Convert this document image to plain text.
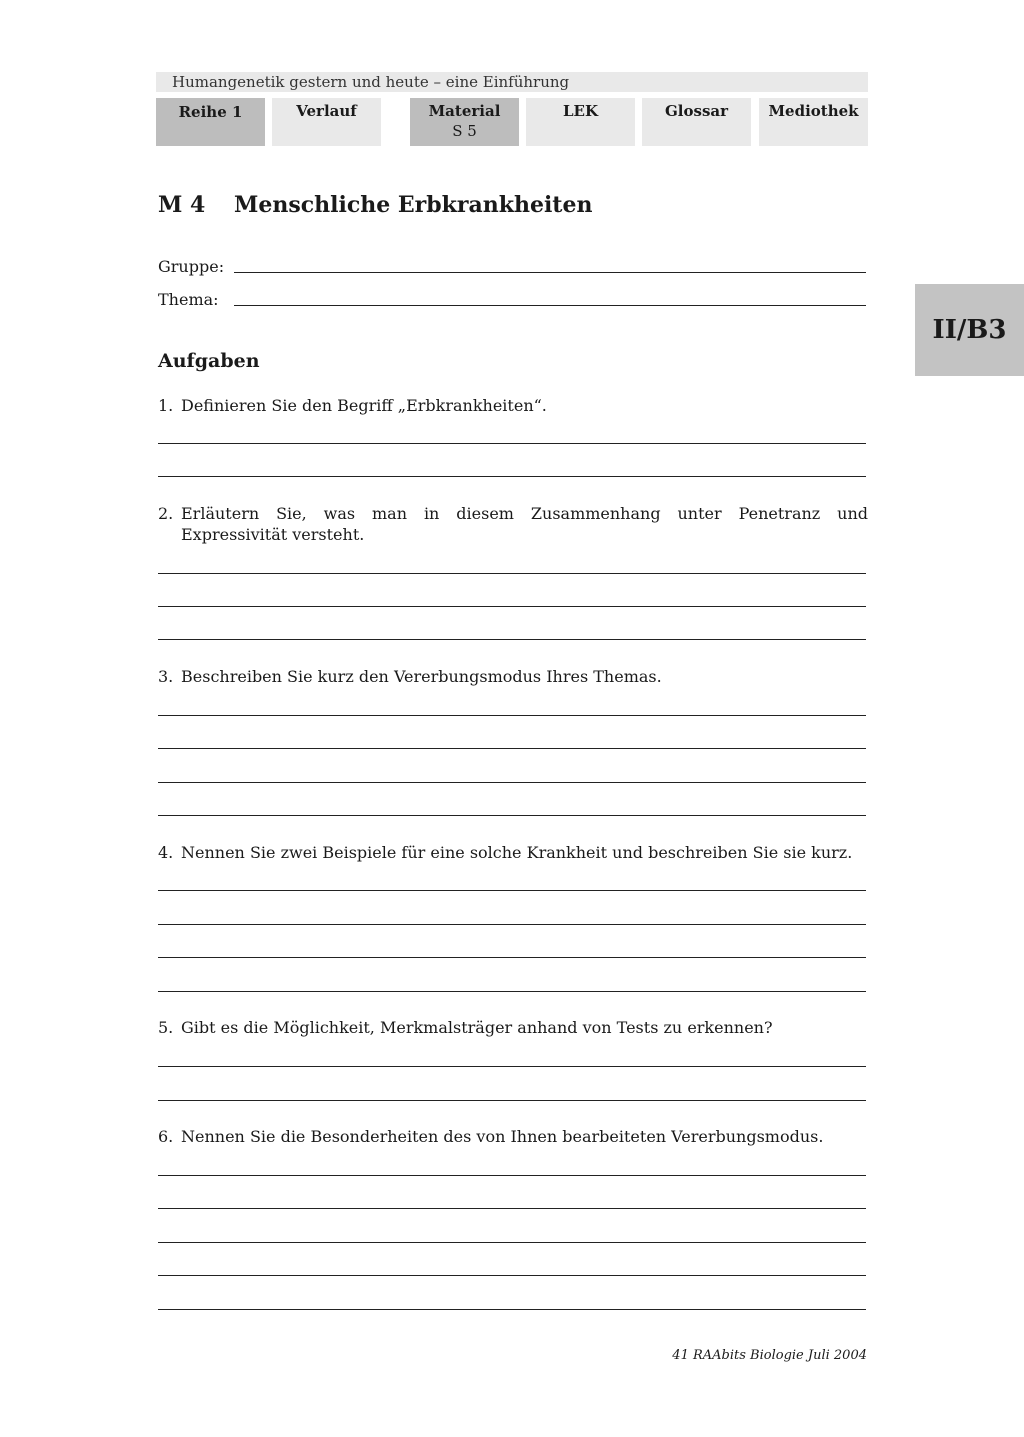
Humangenetik gestern und heute – eine Einführung
Reihe 1	Verlauf	Material
S 5
LEK	Glossar	Mediothek
II/B3
M 4 Menschliche Erbkrankheiten
Gruppe:
Thema:
Aufgaben
1. Definieren Sie den Begriff „Erbkrankheiten“.
2. Erläutern Sie, was man in diesem Zusammenhang unter Penetranz und Expressivität versteht.
3. Beschreiben Sie kurz den Vererbungsmodus Ihres Themas.
4. Nennen Sie zwei Beispiele für eine solche Krankheit und beschreiben Sie sie kurz.
5. Gibt es die Möglichkeit, Merkmalsträger anhand von Tests zu erkennen?
6. Nennen Sie die Besonderheiten des von Ihnen bearbeiteten Vererbungsmodus.
41 RAAbits Biologie Juli 2004
